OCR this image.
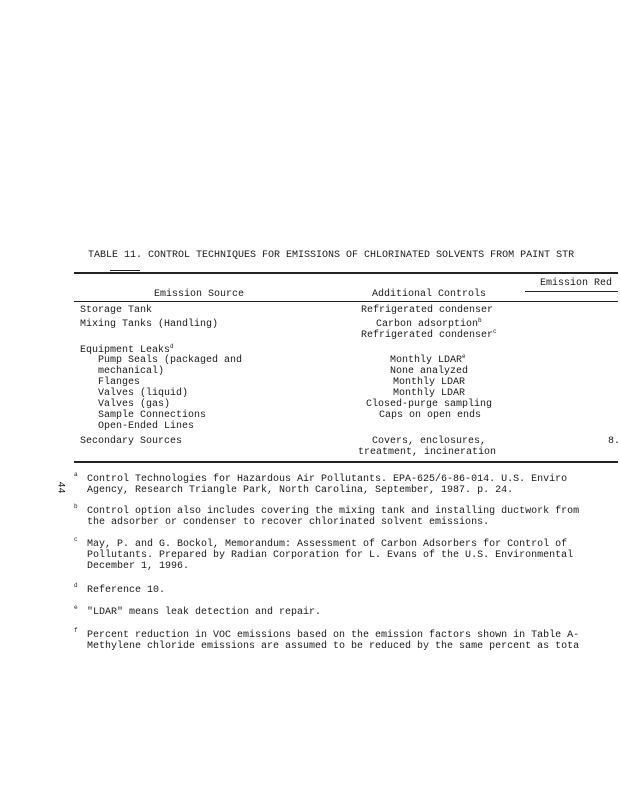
TABLE 11. CONTROL TECHNIQUES FOR EMISSIONS OF CHLORINATED SOLVENTS FROM PAINT STR
Emission Red
Emission Source	Additional Controls
Storage Tank	Refrigerated condenser
Mixing Tanks (Handling)	Carbon adsorption$^b$
Refrigerated condenser$^c$
Equipment Leaks$^d$
Pump Seals (packaged and	Monthly LDAR$^e$
mechanical)	None analyzed
Flanges	Monthly LDAR
Valves (liquid)	Monthly LDAR
Valves (gas)	Closed-purge sampling
Sample Connections	Caps on open ends
Open-Ended Lines
Secondary Sources	Covers, enclosures,	8.
treatment, incineration
44
$^a$ Control Technologies for Hazardous Air Pollutants. EPA-625/6-86-014. U.S. Enviro
Agency, Research Triangle Park, North Carolina, September, 1987. p. 24.
$^b$ Control option also includes covering the mixing tank and installing ductwork from
the adsorber or condenser to recover chlorinated solvent emissions.
$^c$ May, P. and G. Bockol, Memorandum: Assessment of Carbon Adsorbers for Control of
Pollutants. Prepared by Radian Corporation for L. Evans of the U.S. Environmental
December 1, 1996.
$^d$ Reference 10.
$^e$ "LDAR" means leak detection and repair.
$^f$ Percent reduction in VOC emissions based on the emission factors shown in Table A-
Methylene chloride emissions are assumed to be reduced by the same percent as tota
